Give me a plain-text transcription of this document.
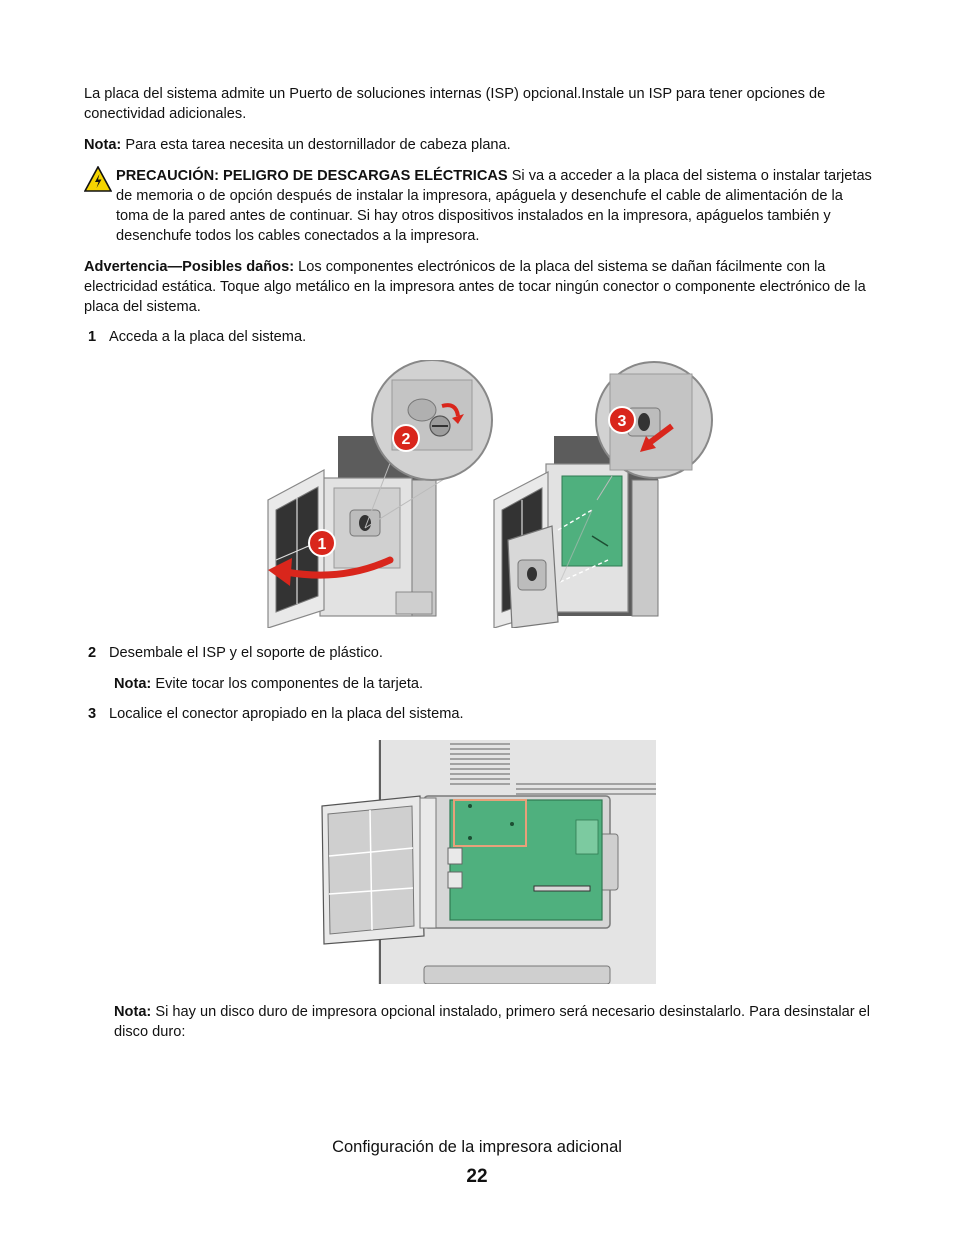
La placa del sistema admite un Puerto de soluciones internas (ISP) opcional.Instale un ISP para tener opciones de conectividad adicionales.
Nota: Para esta tarea necesita un destornillador de cabeza plana.
PRECAUCIÓN: PELIGRO DE DESCARGAS ELÉCTRICAS Si va a acceder a la placa del sistema o instalar tarjetas de memoria o de opción después de instalar la impresora, apáguela y desenchufe el cable de alimentación de la toma de la pared antes de continuar. Si hay otros dispositivos instalados en la impresora, apáguelos también y desenchufe todos los cables conectados a la impresora.
Advertencia—Posibles daños: Los componentes electrónicos de la placa del sistema se dañan fácilmente con la electricidad estática. Toque algo metálico en la impresora antes de tocar ningún conector o componente electrónico de la placa del sistema.
1 Acceda a la placa del sistema.
1
2
3
2 Desembale el ISP y el soporte de plástico.
Nota: Evite tocar los componentes de la tarjeta.
3 Localice el conector apropiado en la placa del sistema.
Nota: Si hay un disco duro de impresora opcional instalado, primero será necesario desinstalarlo. Para desinstalar el disco duro:
Configuración de la impresora adicional
22
